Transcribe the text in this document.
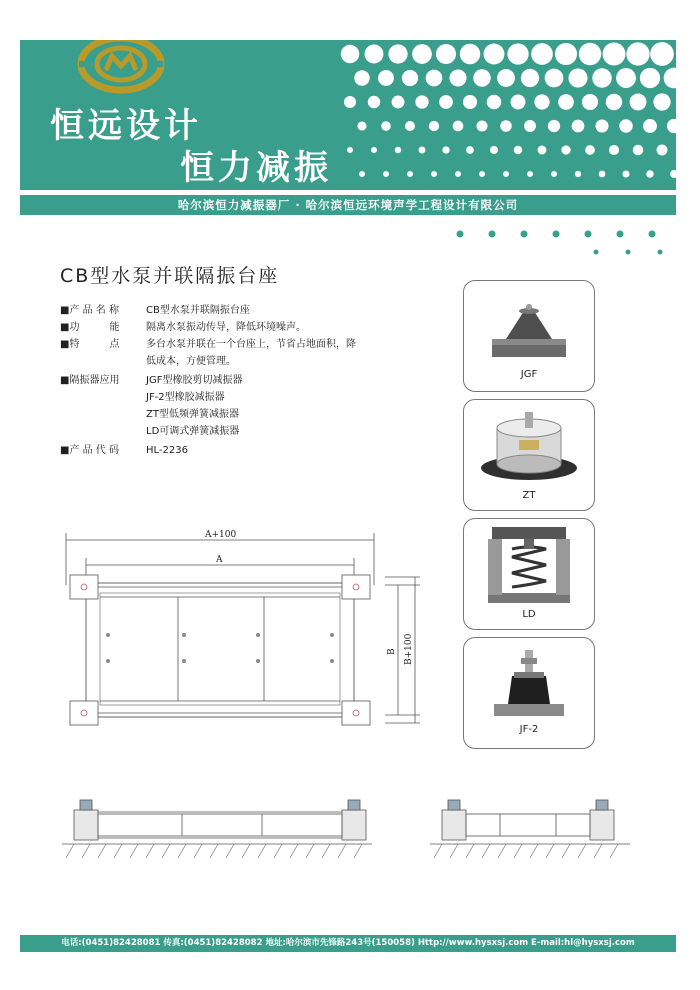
恒远设计
恒力减振
哈尔滨恒力减振器厂 · 哈尔滨恒远环境声学工程设计有限公司
CB型水泵并联隔振台座
■产 品 名 称	CB型水泵并联隔振台座
■功　　　能	隔离水泵振动传导，降低环境噪声。
■特　　　点	多台水泵并联在一个台座上，节省占地面积，降
低成本，方便管理。
■隔振器应用	JGF型橡胶剪切减振器
JF-2型橡胶减振器
ZT型低频弹簧减振器
LD可调式弹簧减振器
■产 品 代 码	HL-2236
A+100
A
B B+100
JGF
ZT
LD
JF-2
电话:(0451)82428081 传真:(0451)82428082 地址:哈尔滨市先锋路243号(150058) Http://www.hysxsj.com E-mail:hl@hysxsj.com
